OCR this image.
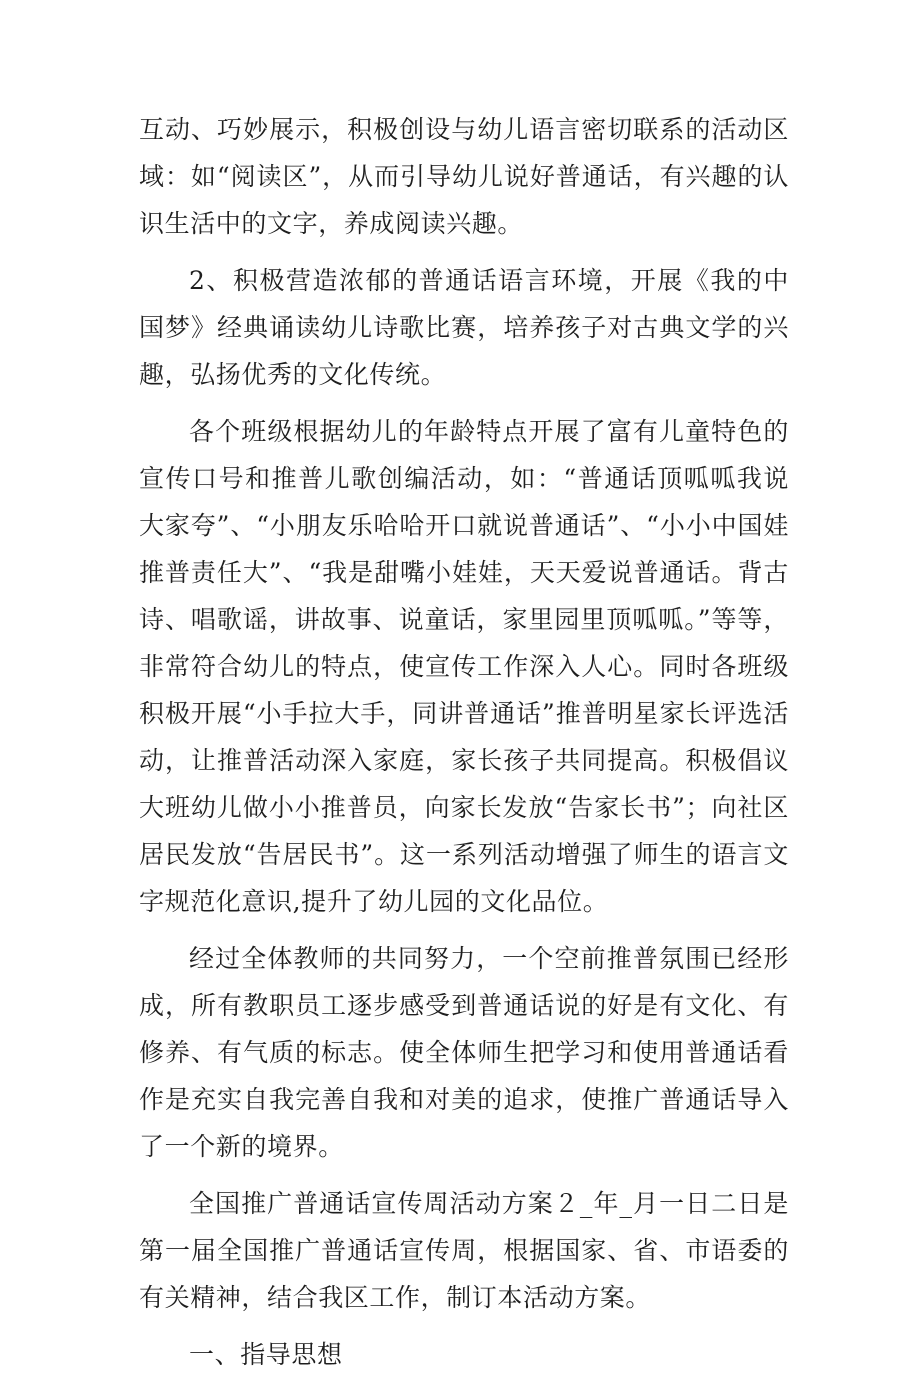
互动、巧妙展示，积极创设与幼儿语言密切联系的活动区域：如“阅读区”，从而引导幼儿说好普通话，有兴趣的认识生活中的文字，养成阅读兴趣。

2、积极营造浓郁的普通话语言环境，开展《我的中国梦》经典诵读幼儿诗歌比赛，培养孩子对古典文学的兴趣，弘扬优秀的文化传统。

各个班级根据幼儿的年龄特点开展了富有儿童特色的宣传口号和推普儿歌创编活动，如：“普通话顶呱呱我说大家夸”、“小朋友乐哈哈开口就说普通话”、“小小中国娃推普责任大”、“我是甜嘴小娃娃，天天爱说普通话。背古诗、唱歌谣，讲故事、说童话，家里园里顶呱呱。”等等，非常符合幼儿的特点，使宣传工作深入人心。同时各班级积极开展“小手拉大手，同讲普通话”推普明星家长评选活动，让推普活动深入家庭，家长孩子共同提高。积极倡议大班幼儿做小小推普员，向家长发放“告家长书”；向社区居民发放“告居民书”。这一系列活动增强了师生的语言文字规范化意识,提升了幼儿园的文化品位。

经过全体教师的共同努力，一个空前推普氛围已经形成，所有教职员工逐步感受到普通话说的好是有文化、有修养、有气质的标志。使全体师生把学习和使用普通话看作是充实自我完善自我和对美的追求，使推广普通话导入了一个新的境界。

全国推广普通话宣传周活动方案２_年_月一日二日是第一届全国推广普通话宣传周，根据国家、省、市语委的有关精神，结合我区工作，制订本活动方案。

一、指导思想
